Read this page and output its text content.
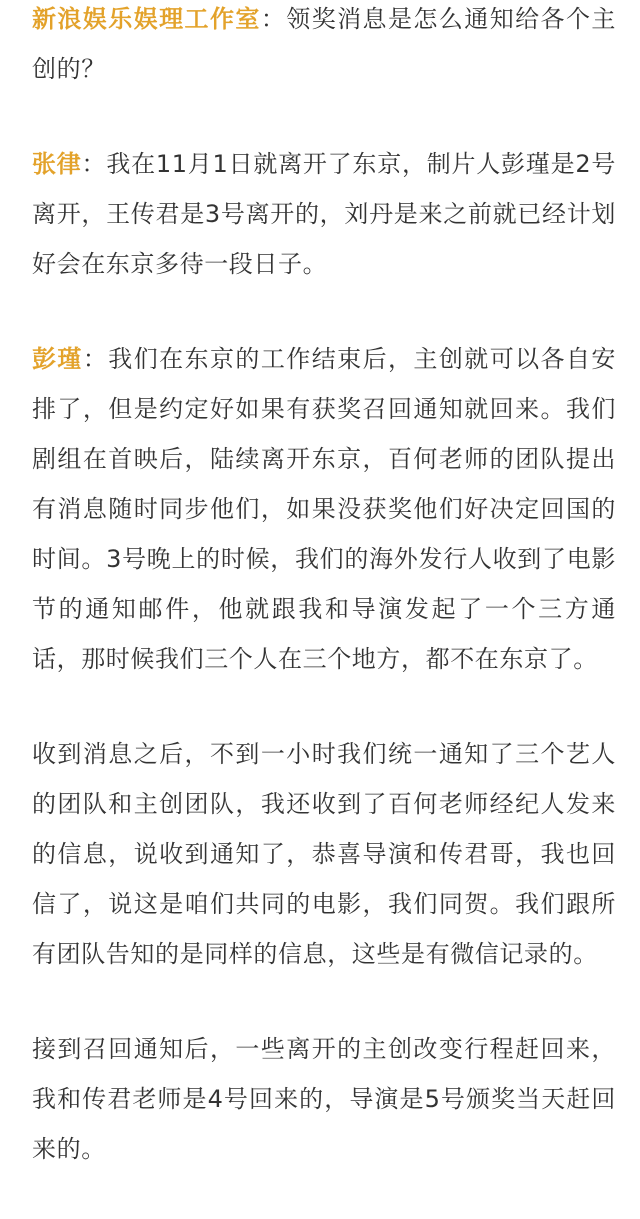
新浪娱乐娱理工作室：领奖消息是怎么通知给各个主创的？

张律：我在11月1日就离开了东京，制片人彭瑾是2号离开，王传君是3号离开的，刘丹是来之前就已经计划好会在东京多待一段日子。

彭瑾：我们在东京的工作结束后，主创就可以各自安排了，但是约定好如果有获奖召回通知就回来。我们剧组在首映后，陆续离开东京，百何老师的团队提出有消息随时同步他们，如果没获奖他们好决定回国的时间。3号晚上的时候，我们的海外发行人收到了电影节的通知邮件，他就跟我和导演发起了一个三方通话，那时候我们三个人在三个地方，都不在东京了。

收到消息之后，不到一小时我们统一通知了三个艺人的团队和主创团队，我还收到了百何老师经纪人发来的信息，说收到通知了，恭喜导演和传君哥，我也回信了，说这是咱们共同的电影，我们同贺。我们跟所有团队告知的是同样的信息，这些是有微信记录的。

接到召回通知后，一些离开的主创改变行程赶回来，我和传君老师是4号回来的，导演是5号颁奖当天赶回来的。
